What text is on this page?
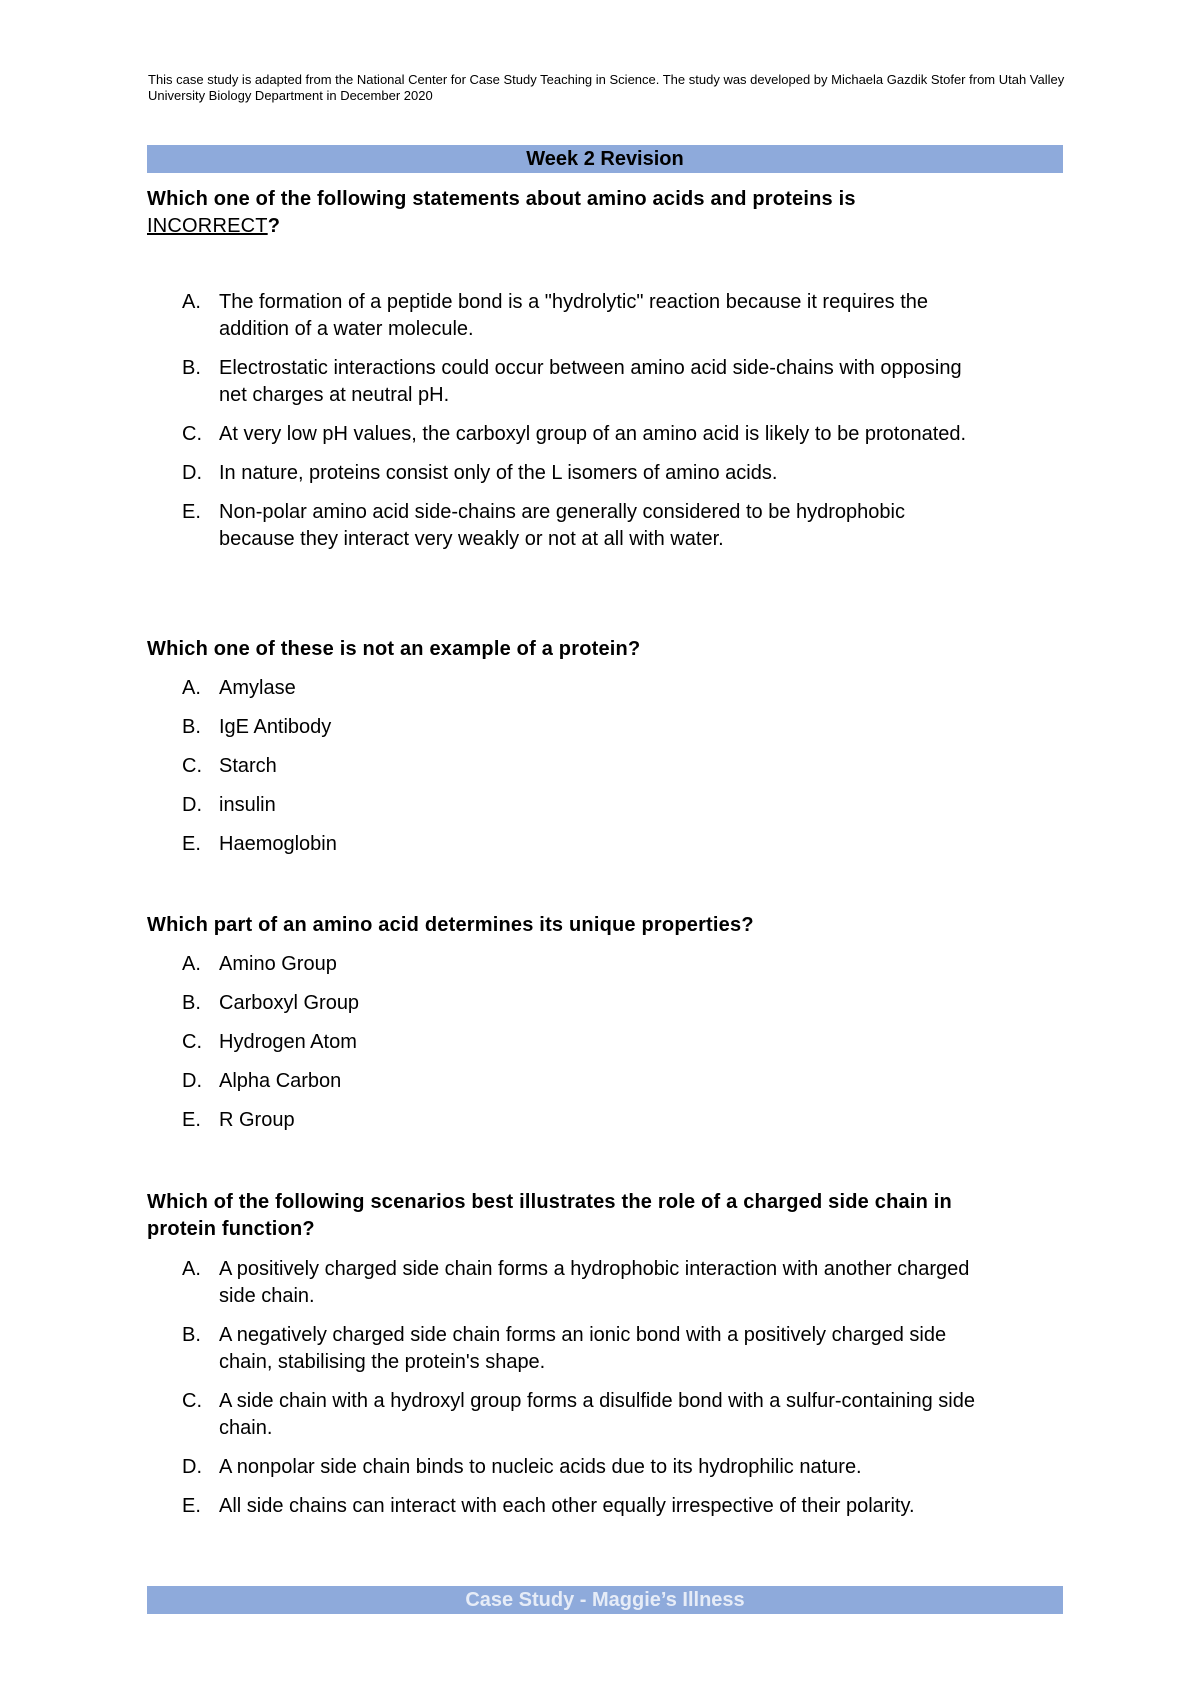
This case study is adapted from the National Center for Case Study Teaching in Science. The study was developed by Michaela Gazdik Stofer from Utah Valley University Biology Department in December 2020
Week 2 Revision
Which one of the following statements about amino acids and proteins is INCORRECT?
A. The formation of a peptide bond is a "hydrolytic" reaction because it requires the addition of a water molecule.
B. Electrostatic interactions could occur between amino acid side-chains with opposing net charges at neutral pH.
C. At very low pH values, the carboxyl group of an amino acid is likely to be protonated.
D. In nature, proteins consist only of the L isomers of amino acids.
E. Non-polar amino acid side-chains are generally considered to be hydrophobic because they interact very weakly or not at all with water.
Which one of these is not an example of a protein?
A. Amylase
B. IgE Antibody
C. Starch
D. insulin
E. Haemoglobin
Which part of an amino acid determines its unique properties?
A. Amino Group
B. Carboxyl Group
C. Hydrogen Atom
D. Alpha Carbon
E. R Group
Which of the following scenarios best illustrates the role of a charged side chain in protein function?
A. A positively charged side chain forms a hydrophobic interaction with another charged side chain.
B. A negatively charged side chain forms an ionic bond with a positively charged side chain, stabilising the protein's shape.
C. A side chain with a hydroxyl group forms a disulfide bond with a sulfur-containing side chain.
D. A nonpolar side chain binds to nucleic acids due to its hydrophilic nature.
E. All side chains can interact with each other equally irrespective of their polarity.
Case Study - Maggie’s Illness
